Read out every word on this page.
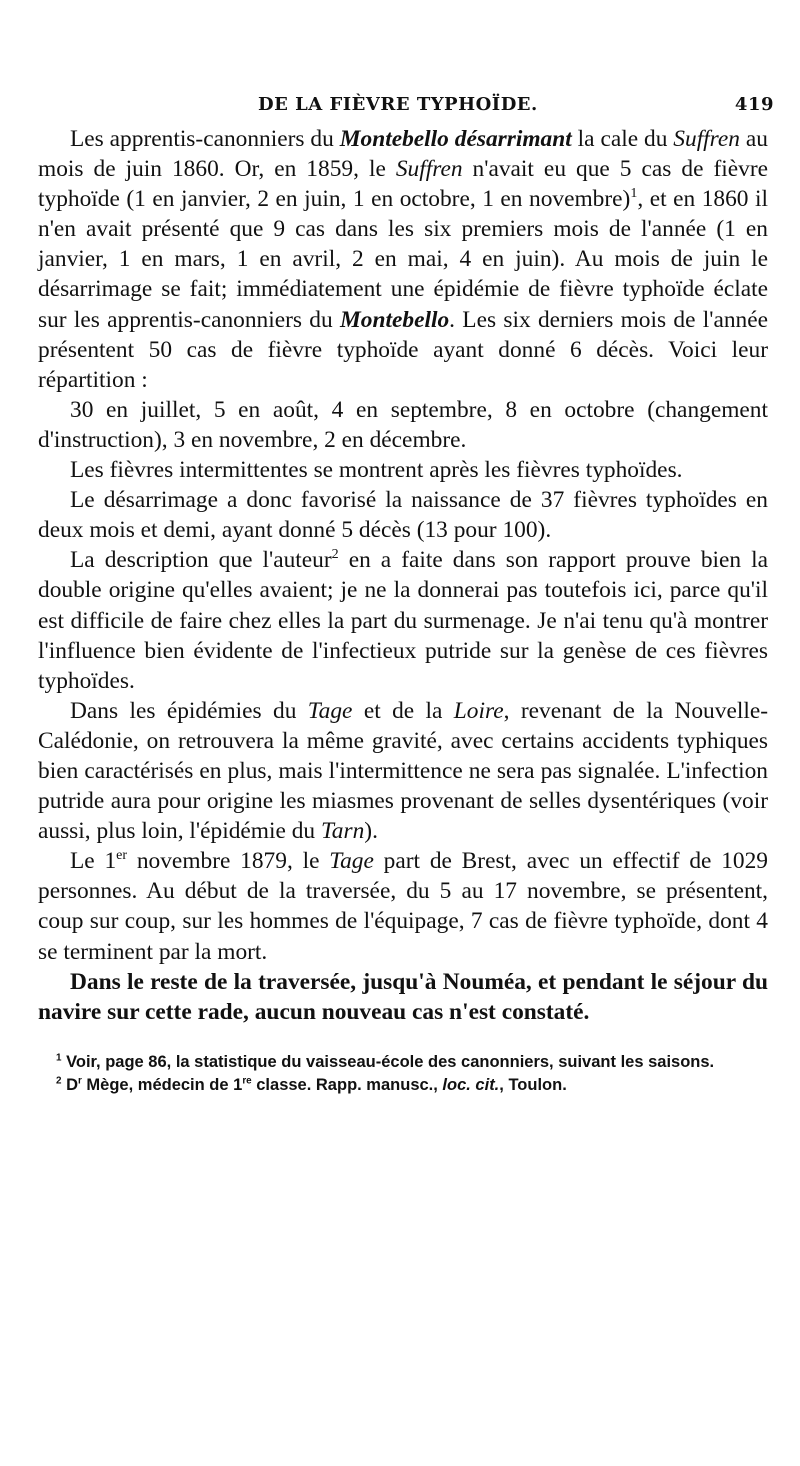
DE LA FIÈVRE TYPHOÏDE.	419

Les apprentis-canonniers du Montebello désarrimant la cale du Suffren au mois de juin 1860. Or, en 1859, le Suffren n'avait eu que 5 cas de fièvre typhoïde (1 en janvier, 2 en juin, 1 en octobre, 1 en novembre)$^1$, et en 1860 il n'en avait présenté que 9 cas dans les six premiers mois de l'année (1 en janvier, 1 en mars, 1 en avril, 2 en mai, 4 en juin). Au mois de juin le désarrimage se fait; immédiatement une épidémie de fièvre typhoïde éclate sur les apprentis-canonniers du Montebello. Les six derniers mois de l'année présentent 50 cas de fièvre typhoïde ayant donné 6 décès. Voici leur répartition :

30 en juillet, 5 en août, 4 en septembre, 8 en octobre (changement d'instruction), 3 en novembre, 2 en décembre.

Les fièvres intermittentes se montrent après les fièvres typhoïdes.

Le désarrimage a donc favorisé la naissance de 37 fièvres typhoïdes en deux mois et demi, ayant donné 5 décès (13 pour 100).

La description que l'auteur$^2$ en a faite dans son rapport prouve bien la double origine qu'elles avaient; je ne la donnerai pas toutefois ici, parce qu'il est difficile de faire chez elles la part du surmenage. Je n'ai tenu qu'à montrer l'influence bien évidente de l'infectieux putride sur la genèse de ces fièvres typhoïdes.

Dans les épidémies du Tage et de la Loire, revenant de la Nouvelle-Calédonie, on retrouvera la même gravité, avec certains accidents typhiques bien caractérisés en plus, mais l'intermittence ne sera pas signalée. L'infection putride aura pour origine les miasmes provenant de selles dysentériques (voir aussi, plus loin, l'épidémie du Tarn).

Le 1er novembre 1879, le Tage part de Brest, avec un effectif de 1029 personnes. Au début de la traversée, du 5 au 17 novembre, se présentent, coup sur coup, sur les hommes de l'équipage, 7 cas de fièvre typhoïde, dont 4 se terminent par la mort.

Dans le reste de la traversée, jusqu'à Nouméa, et pendant le séjour du navire sur cette rade, aucun nouveau cas n'est constaté.

$^1$ Voir, page 86, la statistique du vaisseau-école des canonniers, suivant les saisons.

$^2$ $D^r$ Mège, médecin de 1re classe. Rapp. manusc., loc. cit., Toulon.
